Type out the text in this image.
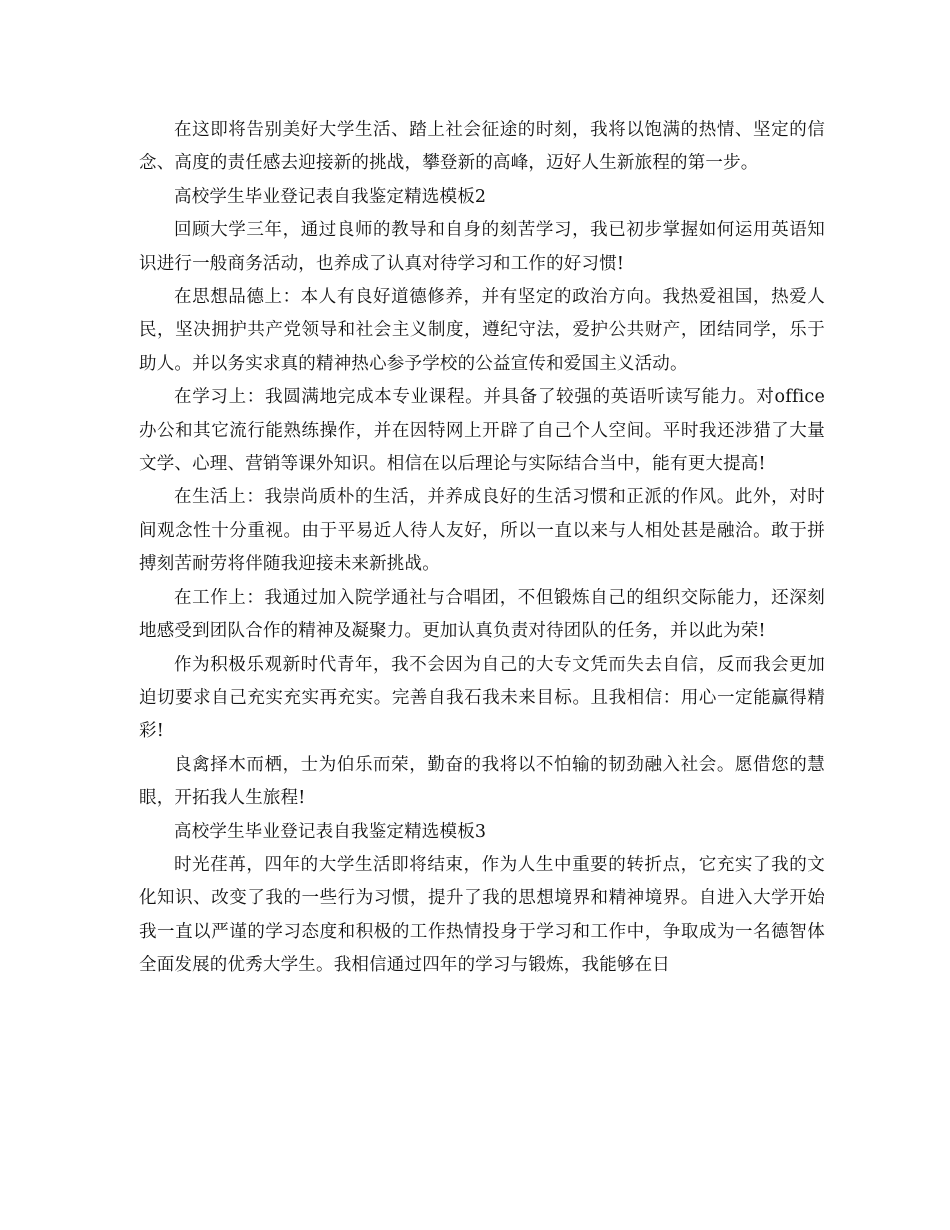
在这即将告别美好大学生活、踏上社会征途的时刻，我将以饱满的热情、坚定的信念、高度的责任感去迎接新的挑战，攀登新的高峰，迈好人生新旅程的第一步。

高校学生毕业登记表自我鉴定精选模板2

回顾大学三年，通过良师的教导和自身的刻苦学习，我已初步掌握如何运用英语知识进行一般商务活动，也养成了认真对待学习和工作的好习惯!

在思想品德上：本人有良好道德修养，并有坚定的政治方向。我热爱祖国，热爱人民，坚决拥护共产党领导和社会主义制度，遵纪守法，爱护公共财产，团结同学，乐于助人。并以务实求真的精神热心参予学校的公益宣传和爱国主义活动。

在学习上：我圆满地完成本专业课程。并具备了较强的英语听读写能力。对office办公和其它流行能熟练操作，并在因特网上开辟了自己个人空间。平时我还涉猎了大量文学、心理、营销等课外知识。相信在以后理论与实际结合当中，能有更大提高!

在生活上：我崇尚质朴的生活，并养成良好的生活习惯和正派的作风。此外，对时间观念性十分重视。由于平易近人待人友好，所以一直以来与人相处甚是融洽。敢于拼搏刻苦耐劳将伴随我迎接未来新挑战。

在工作上：我通过加入院学通社与合唱团，不但锻炼自己的组织交际能力，还深刻地感受到团队合作的精神及凝聚力。更加认真负责对待团队的任务，并以此为荣!

作为积极乐观新时代青年，我不会因为自己的大专文凭而失去自信，反而我会更加迫切要求自己充实充实再充实。完善自我石我未来目标。且我相信：用心一定能赢得精彩!

良禽择木而栖，士为伯乐而荣，勤奋的我将以不怕输的韧劲融入社会。愿借您的慧眼，开拓我人生旅程!

高校学生毕业登记表自我鉴定精选模板3

时光荏苒，四年的大学生活即将结束，作为人生中重要的转折点，它充实了我的文化知识、改变了我的一些行为习惯，提升了我的思想境界和精神境界。自进入大学开始我一直以严谨的学习态度和积极的工作热情投身于学习和工作中，争取成为一名德智体全面发展的优秀大学生。我相信通过四年的学习与锻炼，我能够在日
